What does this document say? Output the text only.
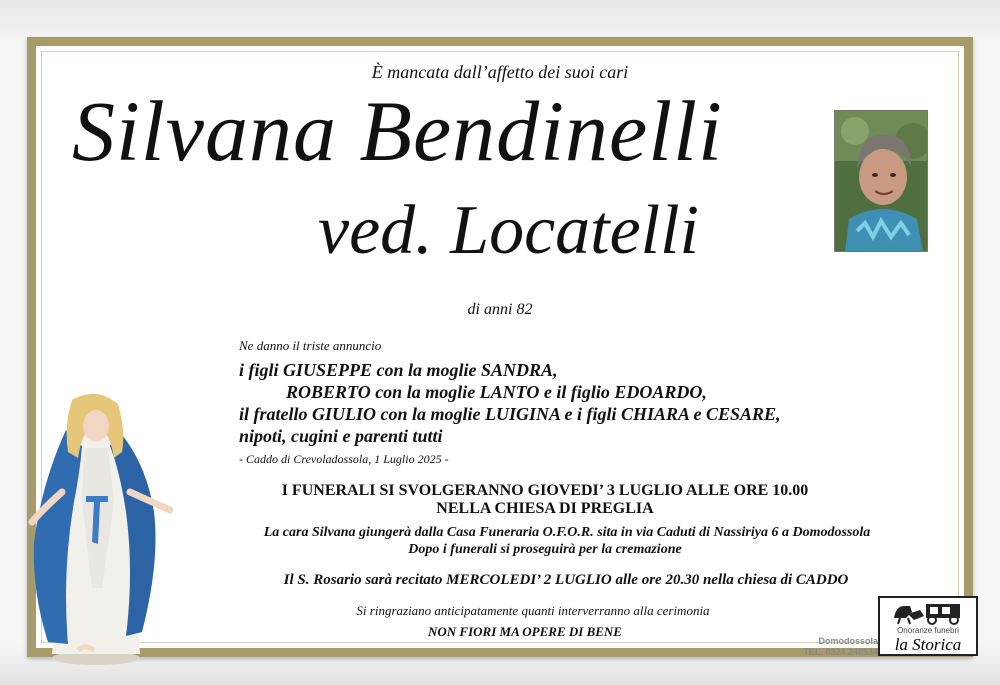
È mancata dall’affetto dei suoi cari
Silvana Bendinelli
ved. Locatelli
di anni 82
Ne danno il triste annuncio
i figli GIUSEPPE con la moglie SANDRA,
ROBERTO con la moglie LANTO e il figlio EDOARDO,
il fratello GIULIO con la moglie LUIGINA e i figli CHIARA e CESARE,
nipoti, cugini e parenti tutti
- Caddo di Crevoladossola, 1 Luglio 2025 -
I FUNERALI SI SVOLGERANNO GIOVEDI’ 3 LUGLIO ALLE ORE 10.00
NELLA CHIESA DI PREGLIA
La cara Silvana giungerà dalla Casa Funeraria O.F.O.R. sita in via Caduti di Nassiriya 6 a Domodossola
Dopo i funerali si proseguirà per la cremazione
Il S. Rosario sarà recitato MERCOLEDI’ 2 LUGLIO alle ore 20.30 nella chiesa di CADDO
Si ringraziano anticipatamente quanti interverranno alla cerimonia
NON FIORI MA OPERE DI BENE
Domodossola
TEL. 0324 248534
Onoranze funebri
la Storica
